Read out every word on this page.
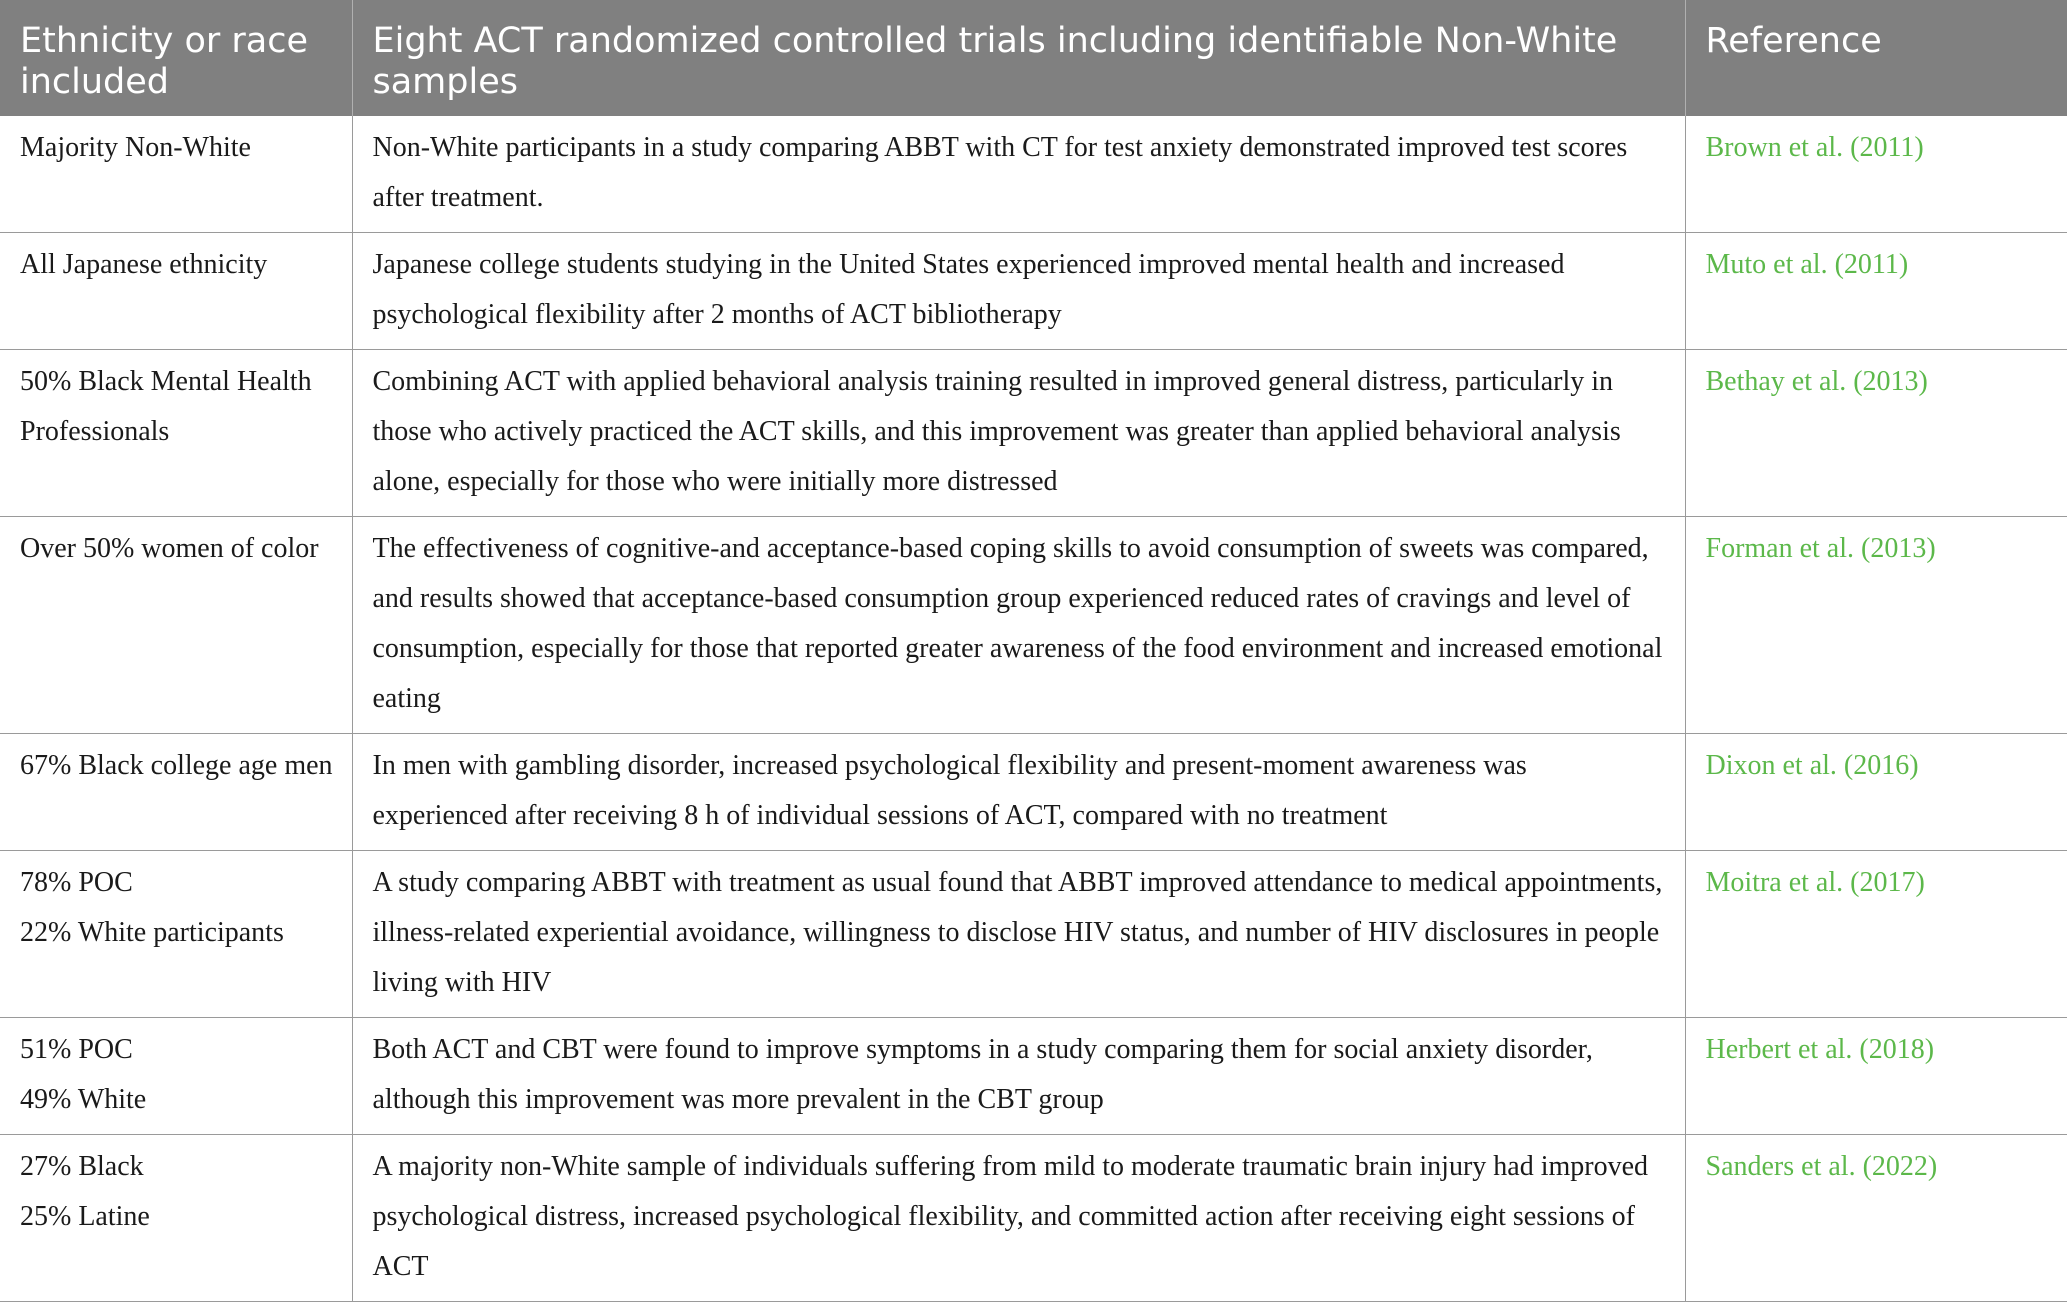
Ethnicity or race included	Eight ACT randomized controlled trials including identifiable Non-White samples	Reference

Majority Non-White	Non-White participants in a study comparing ABBT with CT for test anxiety demonstrated improved test scores after treatment.	Brown et al. (2011)

All Japanese ethnicity	Japanese college students studying in the United States experienced improved mental health and increased psychological flexibility after 2 months of ACT bibliotherapy	Muto et al. (2011)

50% Black Mental Health Professionals	Combining ACT with applied behavioral analysis training resulted in improved general distress, particularly in those who actively practiced the ACT skills, and this improvement was greater than applied behavioral analysis alone, especially for those who were initially more distressed	Bethay et al. (2013)

Over 50% women of color	The effectiveness of cognitive-and acceptance-based coping skills to avoid consumption of sweets was compared, and results showed that acceptance-based consumption group experienced reduced rates of cravings and level of consumption, especially for those that reported greater awareness of the food environment and increased emotional eating	Forman et al. (2013)

67% Black college age men	In men with gambling disorder, increased psychological flexibility and present-moment awareness was experienced after receiving 8 h of individual sessions of ACT, compared with no treatment	Dixon et al. (2016)

78% POC
22% White participants	A study comparing ABBT with treatment as usual found that ABBT improved attendance to medical appointments, illness-related experiential avoidance, willingness to disclose HIV status, and number of HIV disclosures in people living with HIV	Moitra et al. (2017)

51% POC
49% White	Both ACT and CBT were found to improve symptoms in a study comparing them for social anxiety disorder, although this improvement was more prevalent in the CBT group	Herbert et al. (2018)

27% Black
25% Latine	A majority non-White sample of individuals suffering from mild to moderate traumatic brain injury had improved psychological distress, increased psychological flexibility, and committed action after receiving eight sessions of ACT	Sanders et al. (2022)
